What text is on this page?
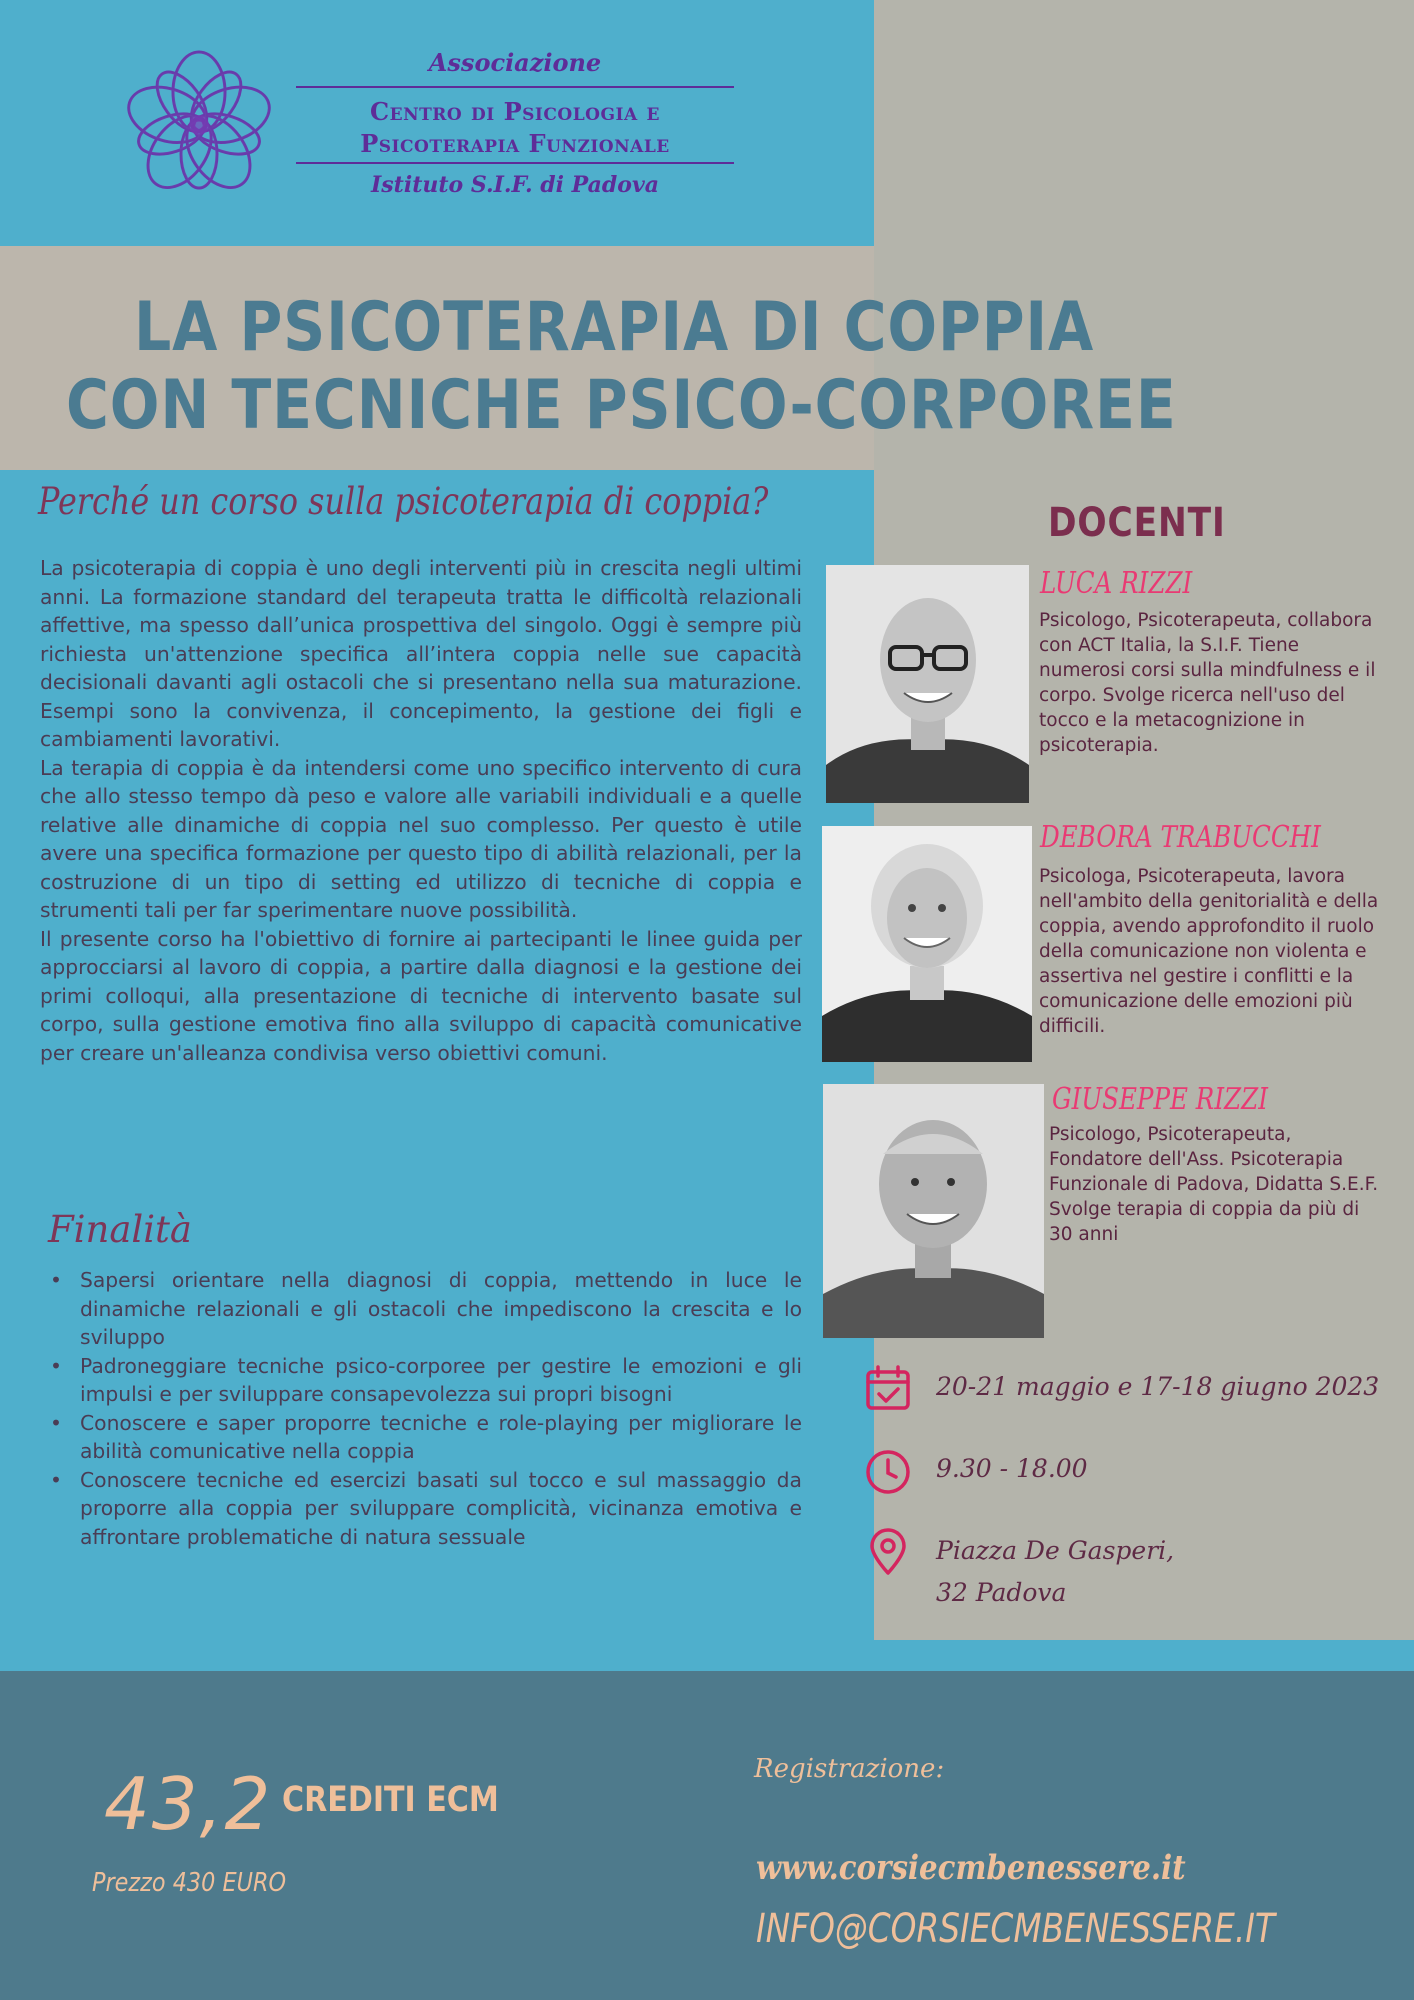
Associazione
Centro di Psicologia e
Psicoterapia Funzionale
Istituto S.I.F. di Padova
LA PSICOTERAPIA DI COPPIA
CON TECNICHE PSICO-CORPOREE
Perché un corso sulla psicoterapia di coppia?

La psicoterapia di coppia è uno degli interventi più in crescita negli ultimi anni. La formazione standard del terapeuta tratta le difficoltà relazionali affettive, ma spesso dall’unica prospettiva del singolo. Oggi è sempre più richiesta un'attenzione specifica all’intera coppia nelle sue capacità decisionali davanti agli ostacoli che si presentano nella sua maturazione. Esempi sono la convivenza, il concepimento, la gestione dei figli e cambiamenti lavorativi.

La terapia di coppia è da intendersi come uno specifico intervento di cura che allo stesso tempo dà peso e valore alle variabili individuali e a quelle relative alle dinamiche di coppia nel suo complesso. Per questo è utile avere una specifica formazione per questo tipo di abilità relazionali, per la costruzione di un tipo di setting ed utilizzo di tecniche di coppia e strumenti tali per far sperimentare nuove possibilità.

Il presente corso ha l'obiettivo di fornire ai partecipanti le linee guida per approcciarsi al lavoro di coppia, a partire dalla diagnosi e la gestione dei primi colloqui, alla presentazione di tecniche di intervento basate sul corpo, sulla gestione emotiva fino alla sviluppo di capacità comunicative per creare un'alleanza condivisa verso obiettivi comuni.

Finalità
• Sapersi orientare nella diagnosi di coppia, mettendo in luce le dinamiche relazionali e gli ostacoli che impediscono la crescita e lo sviluppo
• Padroneggiare tecniche psico-corporee per gestire le emozioni e gli impulsi e per sviluppare consapevolezza sui propri bisogni
• Conoscere e saper proporre tecniche e role-playing per migliorare le abilità comunicative nella coppia
• Conoscere tecniche ed esercizi basati sul tocco e sul massaggio da proporre alla coppia per sviluppare complicità, vicinanza emotiva e affrontare problematiche di natura sessuale
DOCENTI
LUCA RIZZI
Psicologo, Psicoterapeuta, collabora con ACT Italia, la S.I.F. Tiene numerosi corsi sulla mindfulness e il corpo. Svolge ricerca nell'uso del tocco e la metacognizione in psicoterapia.
DEBORA TRABUCCHI
Psicologa, Psicoterapeuta, lavora nell'ambito della genitorialità e della coppia, avendo approfondito il ruolo della comunicazione non violenta e assertiva nel gestire i conflitti e la comunicazione delle emozioni più difficili.
GIUSEPPE RIZZI
Psicologo, Psicoterapeuta, Fondatore dell'Ass. Psicoterapia Funzionale di Padova, Didatta S.E.F. Svolge terapia di coppia da più di 30 anni
20-21 maggio e 17-18 giugno 2023
9.30 - 18.00
Piazza De Gasperi,
32 Padova
43,2 CREDITI ECM
Prezzo 430 EURO
Registrazione:
www.corsiecmbenessere.it
INFO@CORSIECMBENESSERE.IT
